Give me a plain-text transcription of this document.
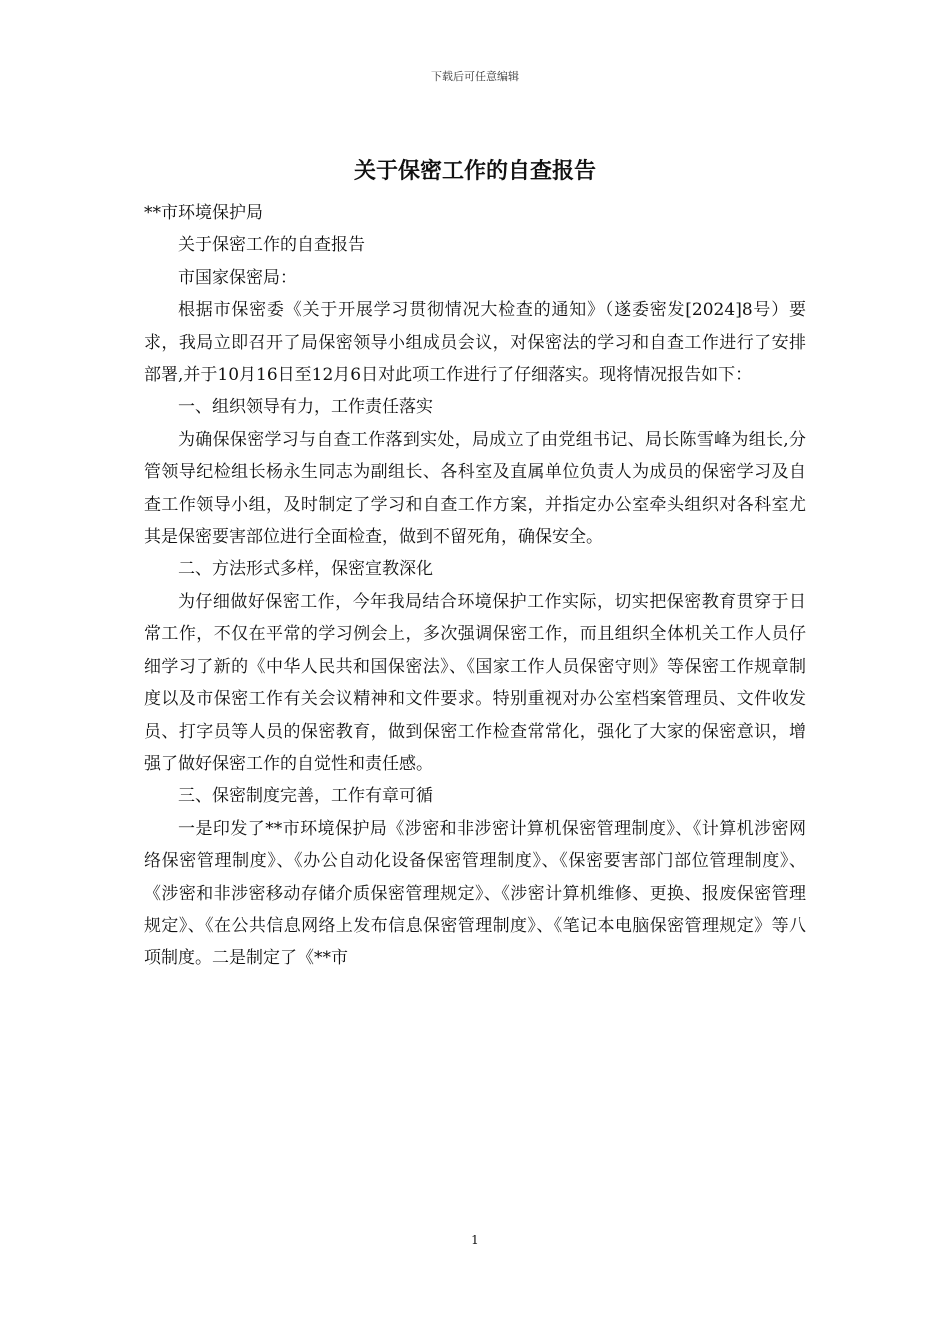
下载后可任意编辑
关于保密工作的自查报告

**市环境保护局

关于保密工作的自查报告

市国家保密局：

根据市保密委《关于开展学习贯彻情况大检查的通知》（遂委密发[2024]8号）要求，我局立即召开了局保密领导小组成员会议，对保密法的学习和自查工作进行了安排部署,并于10月16日至12月6日对此项工作进行了仔细落实。现将情况报告如下：

一、组织领导有力，工作责任落实

为确保保密学习与自查工作落到实处，局成立了由党组书记、局长陈雪峰为组长,分管领导纪检组长杨永生同志为副组长、各科室及直属单位负责人为成员的保密学习及自查工作领导小组，及时制定了学习和自查工作方案，并指定办公室牵头组织对各科室尤其是保密要害部位进行全面检查，做到不留死角，确保安全。

二、方法形式多样，保密宣教深化

为仔细做好保密工作，今年我局结合环境保护工作实际，切实把保密教育贯穿于日常工作，不仅在平常的学习例会上，多次强调保密工作，而且组织全体机关工作人员仔细学习了新的《中华人民共和国保密法》、《国家工作人员保密守则》等保密工作规章制度以及市保密工作有关会议精神和文件要求。特别重视对办公室档案管理员、文件收发员、打字员等人员的保密教育，做到保密工作检查常常化，强化了大家的保密意识，增强了做好保密工作的自觉性和责任感。

三、保密制度完善，工作有章可循

一是印发了**市环境保护局《涉密和非涉密计算机保密管理制度》、《计算机涉密网络保密管理制度》、《办公自动化设备保密管理制度》、《保密要害部门部位管理制度》、《涉密和非涉密移动存储介质保密管理规定》、《涉密计算机维修、更换、报废保密管理规定》、《在公共信息网络上发布信息保密管理制度》、《笔记本电脑保密管理规定》等八项制度。二是制定了《**市

1
